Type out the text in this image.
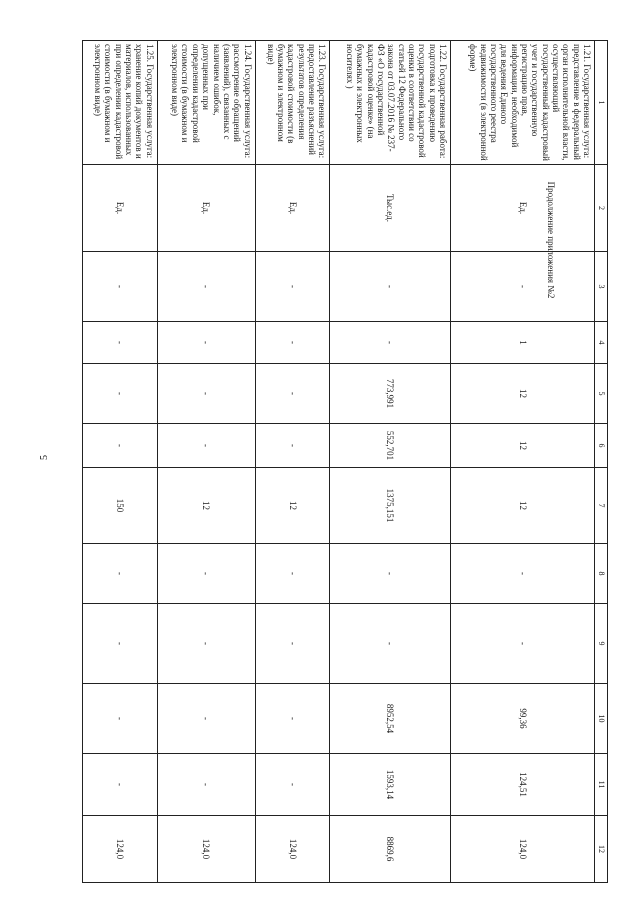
5
Продолжение приложения №2
1	2	3	4	5	6	7	8	9	10	11	12
1.21. Государственная услуга: представление в федеральный орган исполнительной власти, осуществляющий государственный кадастровый учет и государственную регистрацию прав, информации, необходимой для ведения Единого государственного реестра недвижимости (в электронной форме)	Ед.	-	1	12	12	12	-	-	99,36	124,51	124,0
1.22. Государственная работа: подготовка к проведению государственной кадастровой оценки в соответствии со статьей 12 Федерального закона от 03.07.2016 № 237-ФЗ «О государственной кадастровой оценке» (на бумажных и электронных носителях )	Тыс.ед.	-	-	773,991	552,701	1375,151	-	-	8952,54	1593,14	8869,6
1.23. Государственная услуга: предоставление разъяснений результатов определения кадастровой стоимости (в бумажном и электронном виде)	Ед.	-	-	-	-	12	-	-	-	-	124,0
1.24. Государственная услуга: рассмотрение обращений (заявлений), связанных с наличием ошибок, допущенных при определении кадастровой стоимости (в бумажном и электронном виде)	Ед.	-	-	-	-	12	-	-	-	-	124,0
1.25. Государственная услуга: хранение копий документов и материалов, использованных при определении кадастровой стоимости (в бумажном и электронном виде)	Ед.	-	-	-	-	150	-	-	-	-	124,0
